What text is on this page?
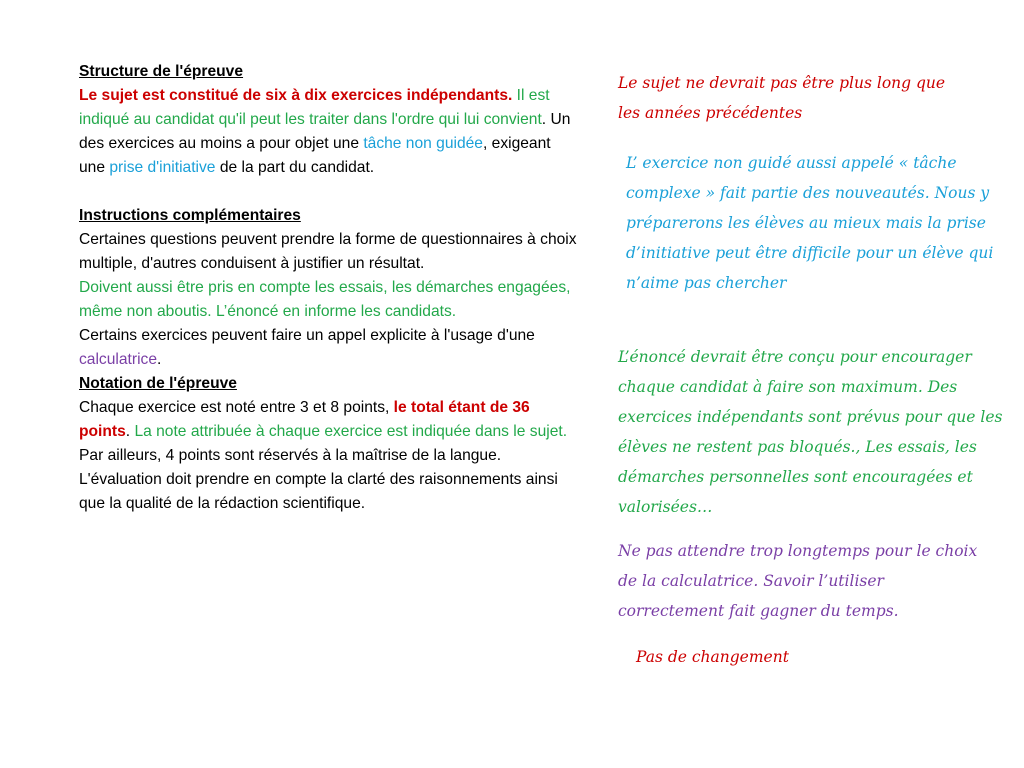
Structure de l'épreuve
Le sujet est constitué de six à dix exercices indépendants. Il est indiqué au candidat qu'il peut les traiter dans l'ordre qui lui convient. Un des exercices au moins a pour objet une tâche non guidée, exigeant une prise d'initiative de la part du candidat.

Instructions complémentaires
Certaines questions peuvent prendre la forme de questionnaires à choix multiple, d'autres conduisent à justifier un résultat.
Doivent aussi être pris en compte les essais, les démarches engagées, même non aboutis. L’énoncé en informe les candidats.
Certains exercices peuvent faire un appel explicite à l'usage d'une calculatrice.

Notation de l'épreuve
Chaque exercice est noté entre 3 et 8 points, le total étant de 36 points. La note attribuée à chaque exercice est indiquée dans le sujet. Par ailleurs, 4 points sont réservés à la maîtrise de la langue. L'évaluation doit prendre en compte la clarté des raisonnements ainsi que la qualité de la rédaction scientifique.

Le sujet ne devrait pas être plus long que les années précédentes
L’ exercice non guidé aussi appelé « tâche complexe » fait partie des nouveautés. Nous y préparerons les élèves au mieux mais la prise d’initiative peut être difficile pour un élève qui n’aime pas chercher
L’énoncé devrait être conçu pour encourager chaque candidat à faire son maximum. Des exercices indépendants sont prévus pour que les élèves ne restent pas bloqués., Les essais, les démarches personnelles sont encouragées et valorisées…
Ne pas attendre trop longtemps pour le choix de la calculatrice. Savoir l’utiliser correctement fait gagner du temps.
Pas de changement
